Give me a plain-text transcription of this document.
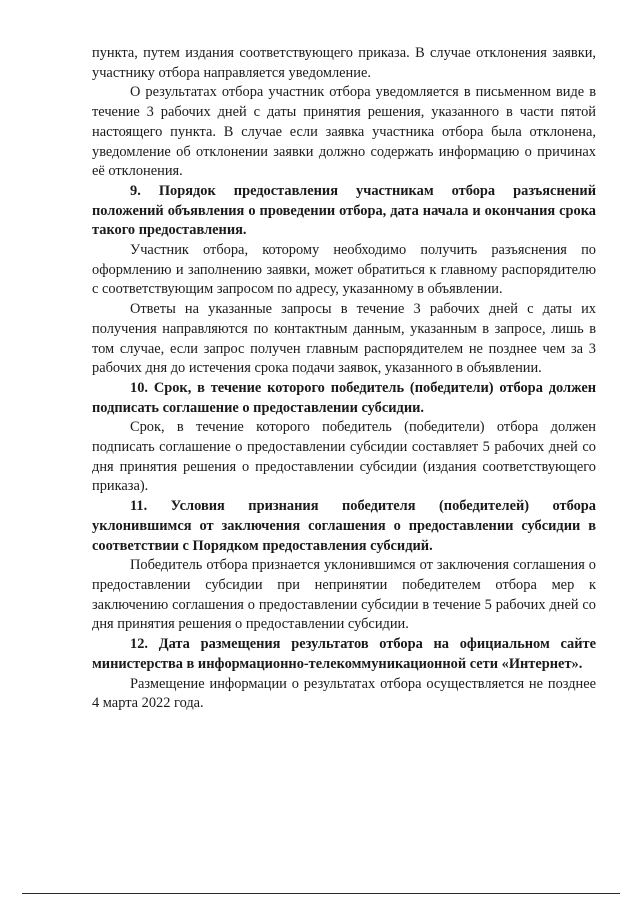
пункта, путем издания соответствующего приказа. В случае отклонения заявки, участнику отбора направляется уведомление.

О результатах отбора участник отбора уведомляется в письменном виде в течение 3 рабочих дней с даты принятия решения, указанного в части пятой настоящего пункта. В случае если заявка участника отбора была отклонена, уведомление об отклонении заявки должно содержать информацию о причинах её отклонения.

9. Порядок предоставления участникам отбора разъяснений положений объявления о проведении отбора, дата начала и окончания срока такого предоставления.

Участник отбора, которому необходимо получить разъяснения по оформлению и заполнению заявки, может обратиться к главному распорядителю с соответствующим запросом по адресу, указанному в объявлении.

Ответы на указанные запросы в течение 3 рабочих дней с даты их получения направляются по контактным данным, указанным в запросе, лишь в том случае, если запрос получен главным распорядителем не позднее чем за 3 рабочих дня до истечения срока подачи заявок, указанного в объявлении.

10. Срок, в течение которого победитель (победители) отбора должен подписать соглашение о предоставлении субсидии.

Срок, в течение которого победитель (победители) отбора должен подписать соглашение о предоставлении субсидии составляет 5 рабочих дней со дня принятия решения о предоставлении субсидии (издания соответствующего приказа).

11. Условия признания победителя (победителей) отбора уклонившимся от заключения соглашения о предоставлении субсидии в соответствии с Порядком предоставления субсидий.

Победитель отбора признается уклонившимся от заключения соглашения о предоставлении субсидии при непринятии победителем отбора мер к заключению соглашения о предоставлении субсидии в течение 5 рабочих дней со дня принятия решения о предоставлении субсидии.

12. Дата размещения результатов отбора на официальном сайте министерства в информационно-телекоммуникационной сети «Интернет».

Размещение информации о результатах отбора осуществляется не позднее 4 марта 2022 года.
